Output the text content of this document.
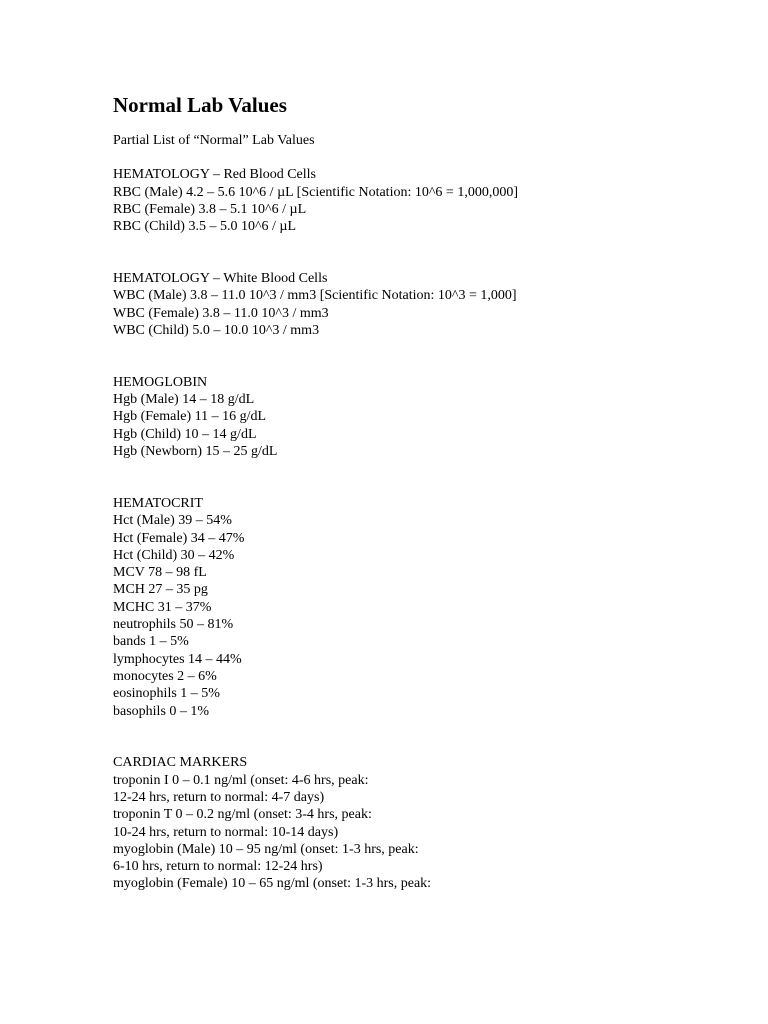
Normal Lab Values
Partial List of “Normal” Lab Values
HEMATOLOGY – Red Blood Cells
RBC (Male) 4.2 – 5.6 10^6 / µL [Scientific Notation: 10^6 = 1,000,000]
RBC (Female) 3.8 – 5.1 10^6 / µL
RBC (Child) 3.5 – 5.0 10^6 / µL
HEMATOLOGY – White Blood Cells
WBC (Male) 3.8 – 11.0 10^3 / mm3 [Scientific Notation: 10^3 = 1,000]
WBC (Female) 3.8 – 11.0 10^3 / mm3
WBC (Child) 5.0 – 10.0 10^3 / mm3
HEMOGLOBIN
Hgb (Male) 14 – 18 g/dL
Hgb (Female) 11 – 16 g/dL
Hgb (Child) 10 – 14 g/dL
Hgb (Newborn) 15 – 25 g/dL
HEMATOCRIT
Hct (Male) 39 – 54%
Hct (Female) 34 – 47%
Hct (Child) 30 – 42%
MCV 78 – 98 fL
MCH 27 – 35 pg
MCHC 31 – 37%
neutrophils 50 – 81%
bands 1 – 5%
lymphocytes 14 – 44%
monocytes 2 – 6%
eosinophils 1 – 5%
basophils 0 – 1%
CARDIAC MARKERS
troponin I 0 – 0.1 ng/ml (onset: 4-6 hrs, peak:
12-24 hrs, return to normal: 4-7 days)
troponin T 0 – 0.2 ng/ml (onset: 3-4 hrs, peak:
10-24 hrs, return to normal: 10-14 days)
myoglobin (Male) 10 – 95 ng/ml (onset: 1-3 hrs, peak:
6-10 hrs, return to normal: 12-24 hrs)
myoglobin (Female) 10 – 65 ng/ml (onset: 1-3 hrs, peak:
